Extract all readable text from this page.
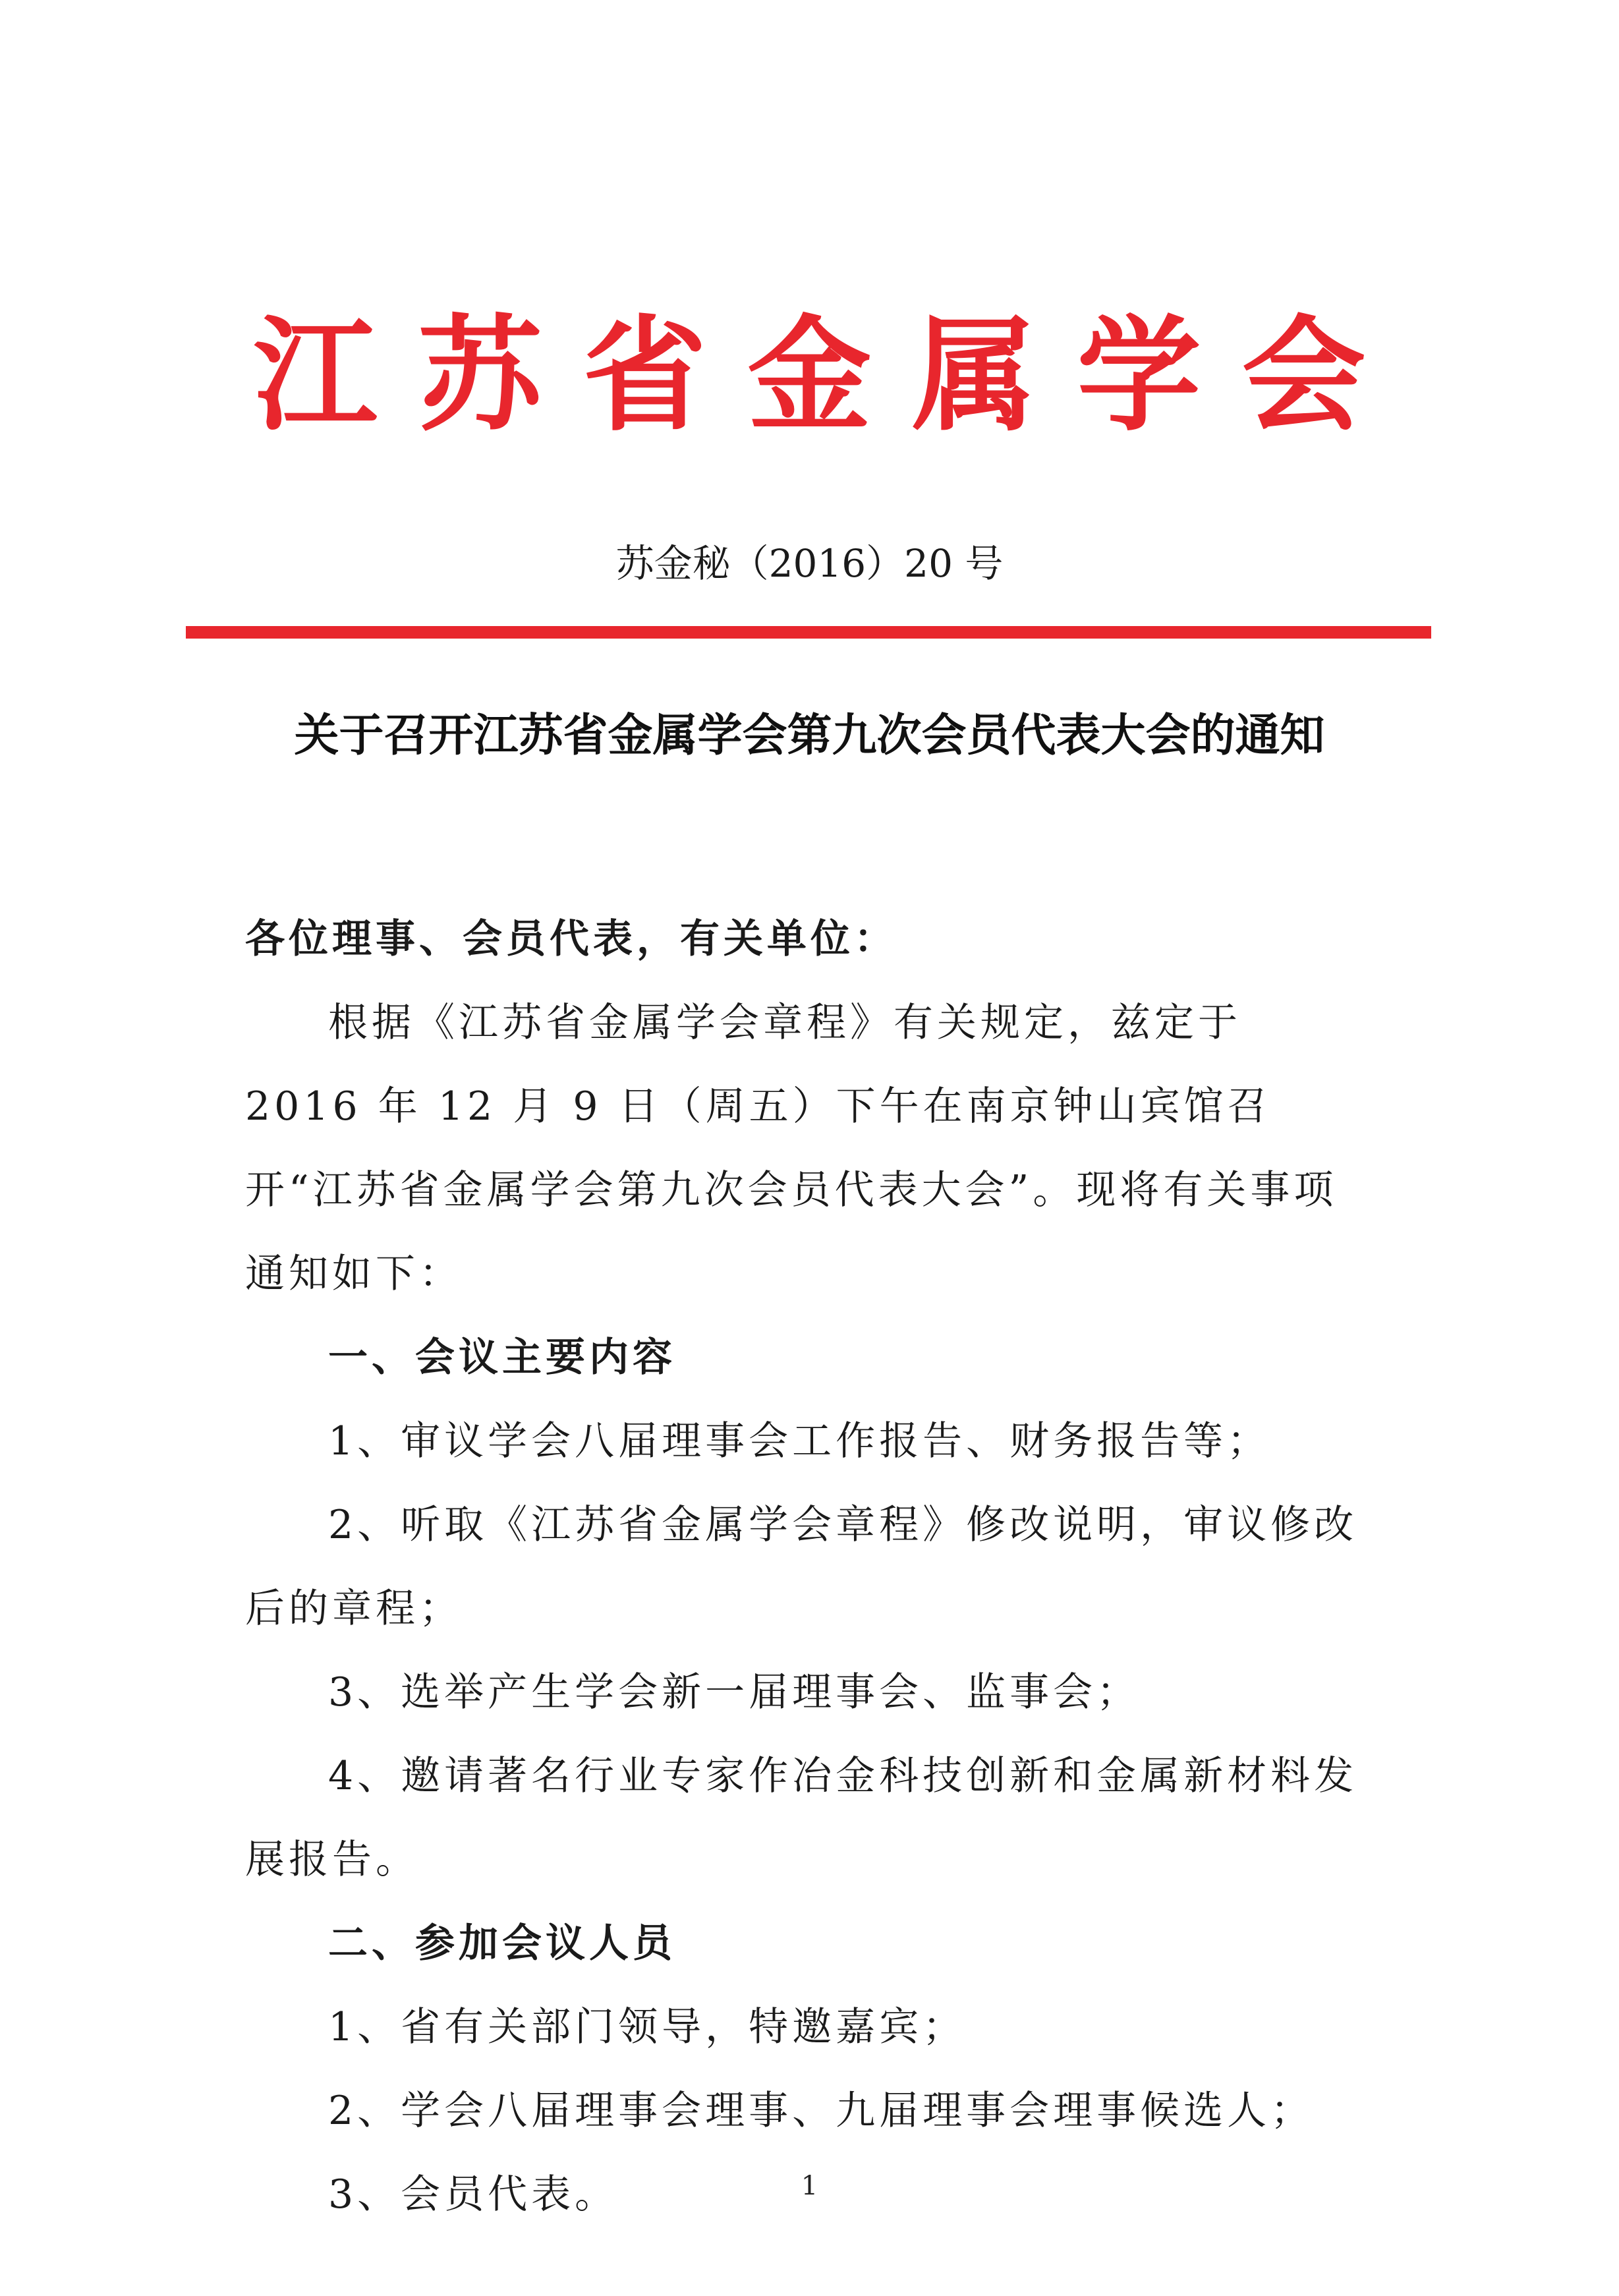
江苏省金属学会
苏金秘（2016）20 号
关于召开江苏省金属学会第九次会员代表大会的通知

各位理事、会员代表，有关单位：

根据《江苏省金属学会章程》有关规定，兹定于 2016 年 12 月 9 日（周五）下午在南京钟山宾馆召开“江苏省金属学会第九次会员代表大会”。现将有关事项通知如下：

一、会议主要内容

1、审议学会八届理事会工作报告、财务报告等；

2、听取《江苏省金属学会章程》修改说明，审议修改后的章程；

3、选举产生学会新一届理事会、监事会；

4、邀请著名行业专家作冶金科技创新和金属新材料发展报告。

二、参加会议人员

1、省有关部门领导，特邀嘉宾；

2、学会八届理事会理事、九届理事会理事候选人；

3、会员代表。	1
